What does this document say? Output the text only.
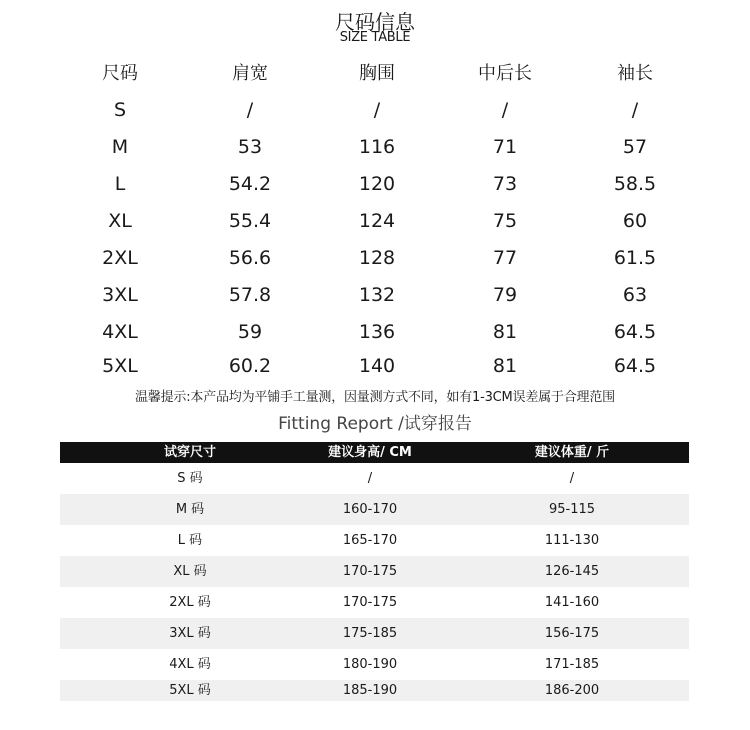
尺码信息
SIZE TABLE
尺码	肩宽	胸围	中后长	袖长
S	/	/	/	/
M	53	116	71	57
L	54.2	120	73	58.5
XL	55.4	124	75	60
2XL	56.6	128	77	61.5
3XL	57.8	132	79	63
4XL	59	136	81	64.5
5XL	60.2	140	81	64.5
温馨提示:本产品均为平铺手工量测，因量测方式不同，如有1-3CM误差属于合理范围
Fitting Report /试穿报告
试穿尺寸	建议身高/ CM	建议体重/ 斤
S 码	/	/
M 码	160-170	95-115
L 码	165-170	111-130
XL 码	170-175	126-145
2XL 码	170-175	141-160
3XL 码	175-185	156-175
4XL 码	180-190	171-185
5XL 码	185-190	186-200
